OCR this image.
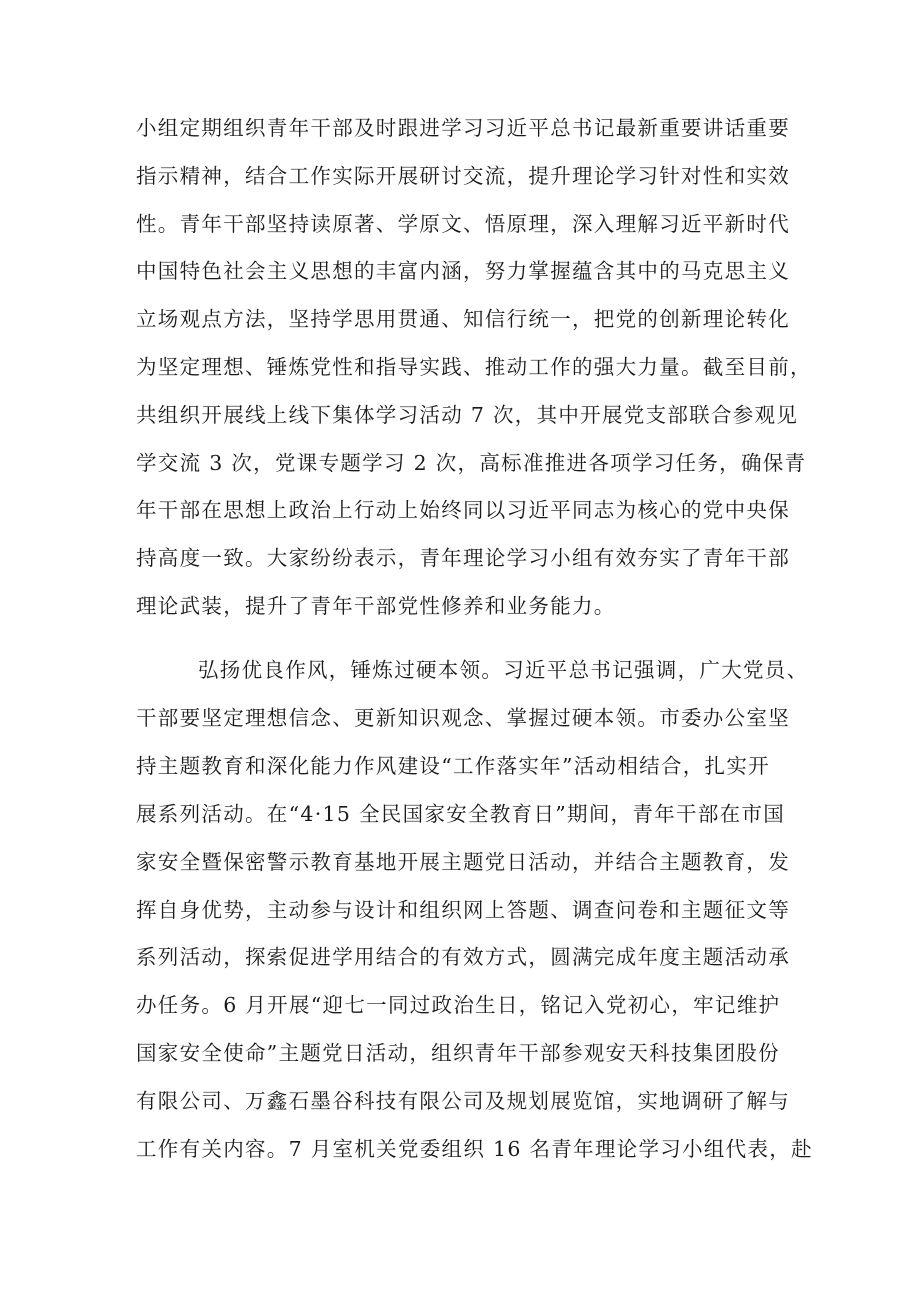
小组定期组织青年干部及时跟进学习习近平总书记最新重要讲话重要
指示精神，结合工作实际开展研讨交流，提升理论学习针对性和实效
性。青年干部坚持读原著、学原文、悟原理，深入理解习近平新时代
中国特色社会主义思想的丰富内涵，努力掌握蕴含其中的马克思主义
立场观点方法，坚持学思用贯通、知信行统一，把党的创新理论转化
为坚定理想、锤炼党性和指导实践、推动工作的强大力量。截至目前，
共组织开展线上线下集体学习活动 7 次，其中开展党支部联合参观见
学交流 3 次，党课专题学习 2 次，高标准推进各项学习任务，确保青
年干部在思想上政治上行动上始终同以习近平同志为核心的党中央保
持高度一致。大家纷纷表示，青年理论学习小组有效夯实了青年干部
理论武装，提升了青年干部党性修养和业务能力。
弘扬优良作风，锤炼过硬本领。习近平总书记强调，广大党员、
干部要坚定理想信念、更新知识观念、掌握过硬本领。市委办公室坚
持主题教育和深化能力作风建设“工作落实年”活动相结合，扎实开
展系列活动。在“4·15 全民国家安全教育日”期间，青年干部在市国
家安全暨保密警示教育基地开展主题党日活动，并结合主题教育，发
挥自身优势，主动参与设计和组织网上答题、调查问卷和主题征文等
系列活动，探索促进学用结合的有效方式，圆满完成年度主题活动承
办任务。6 月开展“迎七一同过政治生日，铭记入党初心，牢记维护
国家安全使命”主题党日活动，组织青年干部参观安天科技集团股份
有限公司、万鑫石墨谷科技有限公司及规划展览馆，实地调研了解与
工作有关内容。7 月室机关党委组织 16 名青年理论学习小组代表，赴
